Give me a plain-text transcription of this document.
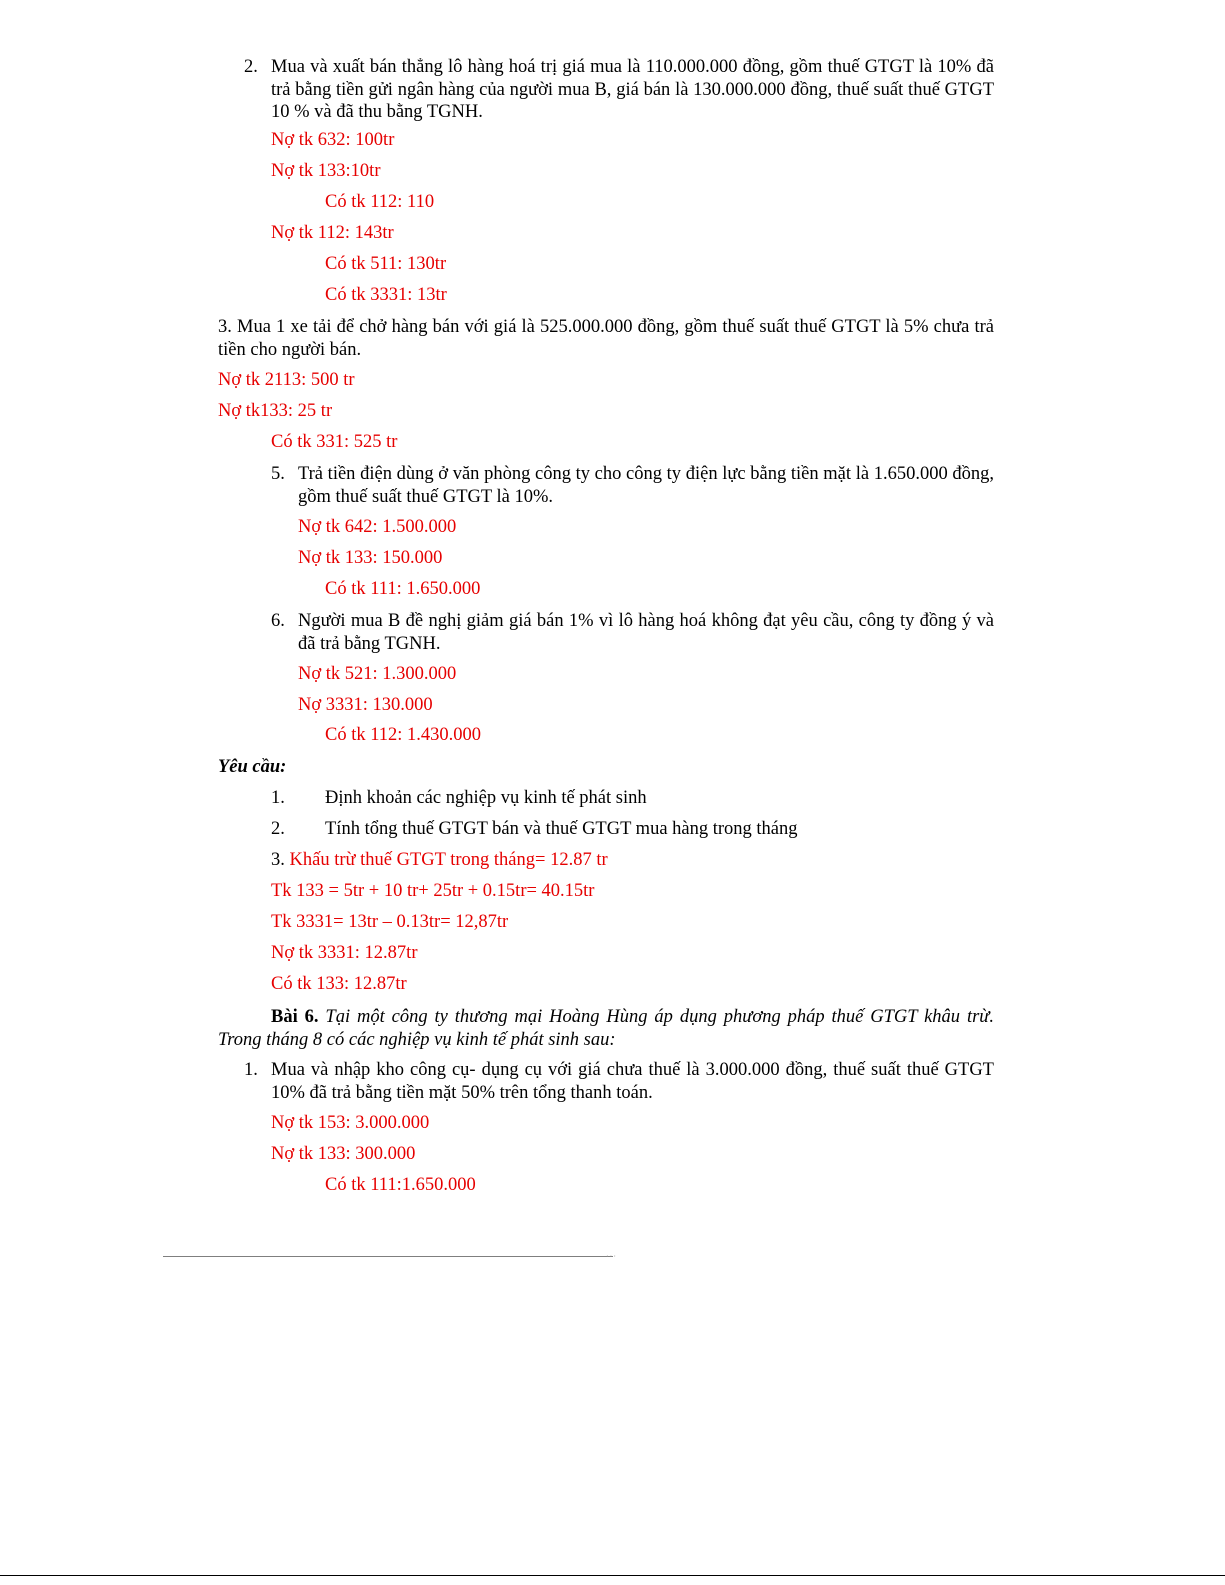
2. Mua và xuất bán thẳng lô hàng hoá trị giá mua là 110.000.000 đồng, gồm thuế GTGT là 10% đã trả bằng tiền gửi ngân hàng của người mua B, giá bán là 130.000.000 đồng, thuế suất thuế GTGT 10 % và đã thu bằng TGNH.
Nợ tk 632: 100tr
Nợ tk 133:10tr
Có tk 112: 110
Nợ tk 112: 143tr
Có tk 511: 130tr
Có tk 3331: 13tr
3. Mua 1 xe tải để chở hàng bán với giá là 525.000.000 đồng, gồm thuế suất thuế GTGT là 5% chưa trả tiền cho người bán.
Nợ tk 2113: 500 tr
Nợ tk133: 25 tr
Có tk 331: 525 tr
5. Trả tiền điện dùng ở văn phòng công ty cho công ty điện lực bằng tiền mặt là 1.650.000 đồng, gồm thuế suất thuế GTGT là 10%.
Nợ tk 642: 1.500.000
Nợ tk 133: 150.000
Có tk 111: 1.650.000
6. Người mua B đề nghị giảm giá bán 1% vì lô hàng hoá không đạt yêu cầu, công ty đồng ý và đã trả bằng TGNH.
Nợ tk 521: 1.300.000
Nợ 3331: 130.000
Có tk 112: 1.430.000
Yêu cầu:
1. Định khoản các nghiệp vụ kinh tế phát sinh
2. Tính tổng thuế GTGT bán và thuế GTGT mua hàng trong tháng
3. Khấu trừ thuế GTGT trong tháng= 12.87 tr
Tk 133 = 5tr + 10 tr+ 25tr + 0.15tr= 40.15tr
Tk 3331= 13tr – 0.13tr= 12,87tr
Nợ tk 3331: 12.87tr
Có tk 133: 12.87tr
Bài 6. Tại một công ty thương mại Hoàng Hùng áp dụng phương pháp thuế GTGT khâu trừ. Trong tháng 8 có các nghiệp vụ kinh tế phát sinh sau:
1. Mua và nhập kho công cụ- dụng cụ với giá chưa thuế là 3.000.000 đồng, thuế suất thuế GTGT 10% đã trả bằng tiền mặt 50% trên tổng thanh toán.
Nợ tk 153: 3.000.000
Nợ tk 133: 300.000
Có tk 111:1.650.000
···
